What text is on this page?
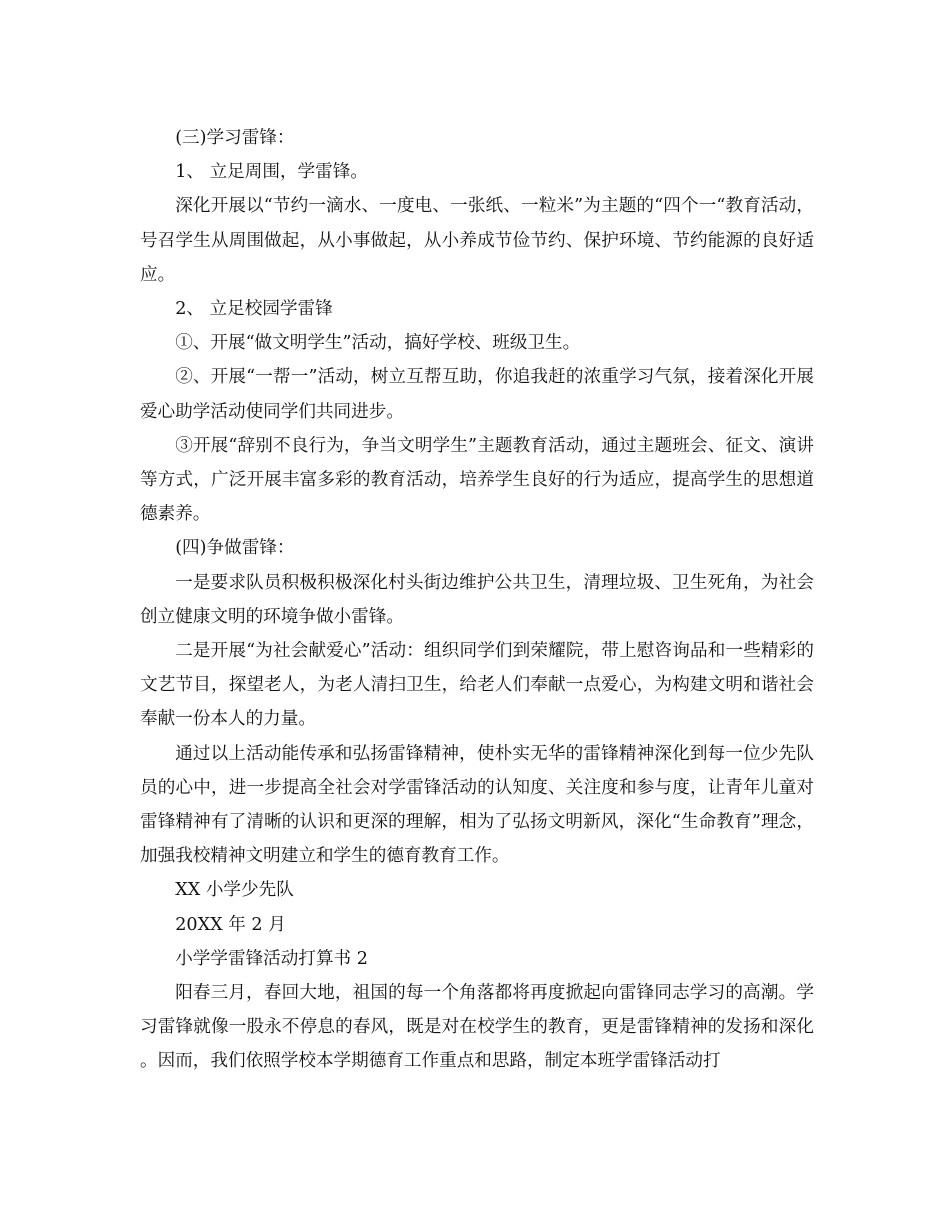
(三)学习雷锋：

1、 立足周围，学雷锋。

深化开展以“节约一滴水、一度电、一张纸、一粒米”为主题的“四个一“教育活动，号召学生从周围做起，从小事做起，从小养成节俭节约、保护环境、节约能源的良好适应。

2、 立足校园学雷锋

①、开展“做文明学生”活动，搞好学校、班级卫生。

②、开展“一帮一”活动，树立互帮互助，你追我赶的浓重学习气氛，接着深化开展爱心助学活动使同学们共同进步。

③开展“辞别不良行为，争当文明学生”主题教育活动，通过主题班会、征文、演讲等方式，广泛开展丰富多彩的教育活动，培养学生良好的行为适应，提高学生的思想道德素养。

(四)争做雷锋：

一是要求队员积极积极深化村头街边维护公共卫生，清理垃圾、卫生死角，为社会创立健康文明的环境争做小雷锋。

二是开展“为社会献爱心”活动：组织同学们到荣耀院，带上慰咨询品和一些精彩的文艺节目，探望老人，为老人清扫卫生，给老人们奉献一点爱心，为构建文明和谐社会奉献一份本人的力量。

通过以上活动能传承和弘扬雷锋精神，使朴实无华的雷锋精神深化到每一位少先队员的心中，进一步提高全社会对学雷锋活动的认知度、关注度和参与度，让青年儿童对雷锋精神有了清晰的认识和更深的理解，相为了弘扬文明新风，深化“生命教育”理念，加强我校精神文明建立和学生的德育教育工作。

XX 小学少先队

20XX 年 2 月

小学学雷锋活动打算书 2

阳春三月，春回大地，祖国的每一个角落都将再度掀起向雷锋同志学习的高潮。学习雷锋就像一股永不停息的春风，既是对在校学生的教育，更是雷锋精神的发扬和深化。因而，我们依照学校本学期德育工作重点和思路，制定本班学雷锋活动打
